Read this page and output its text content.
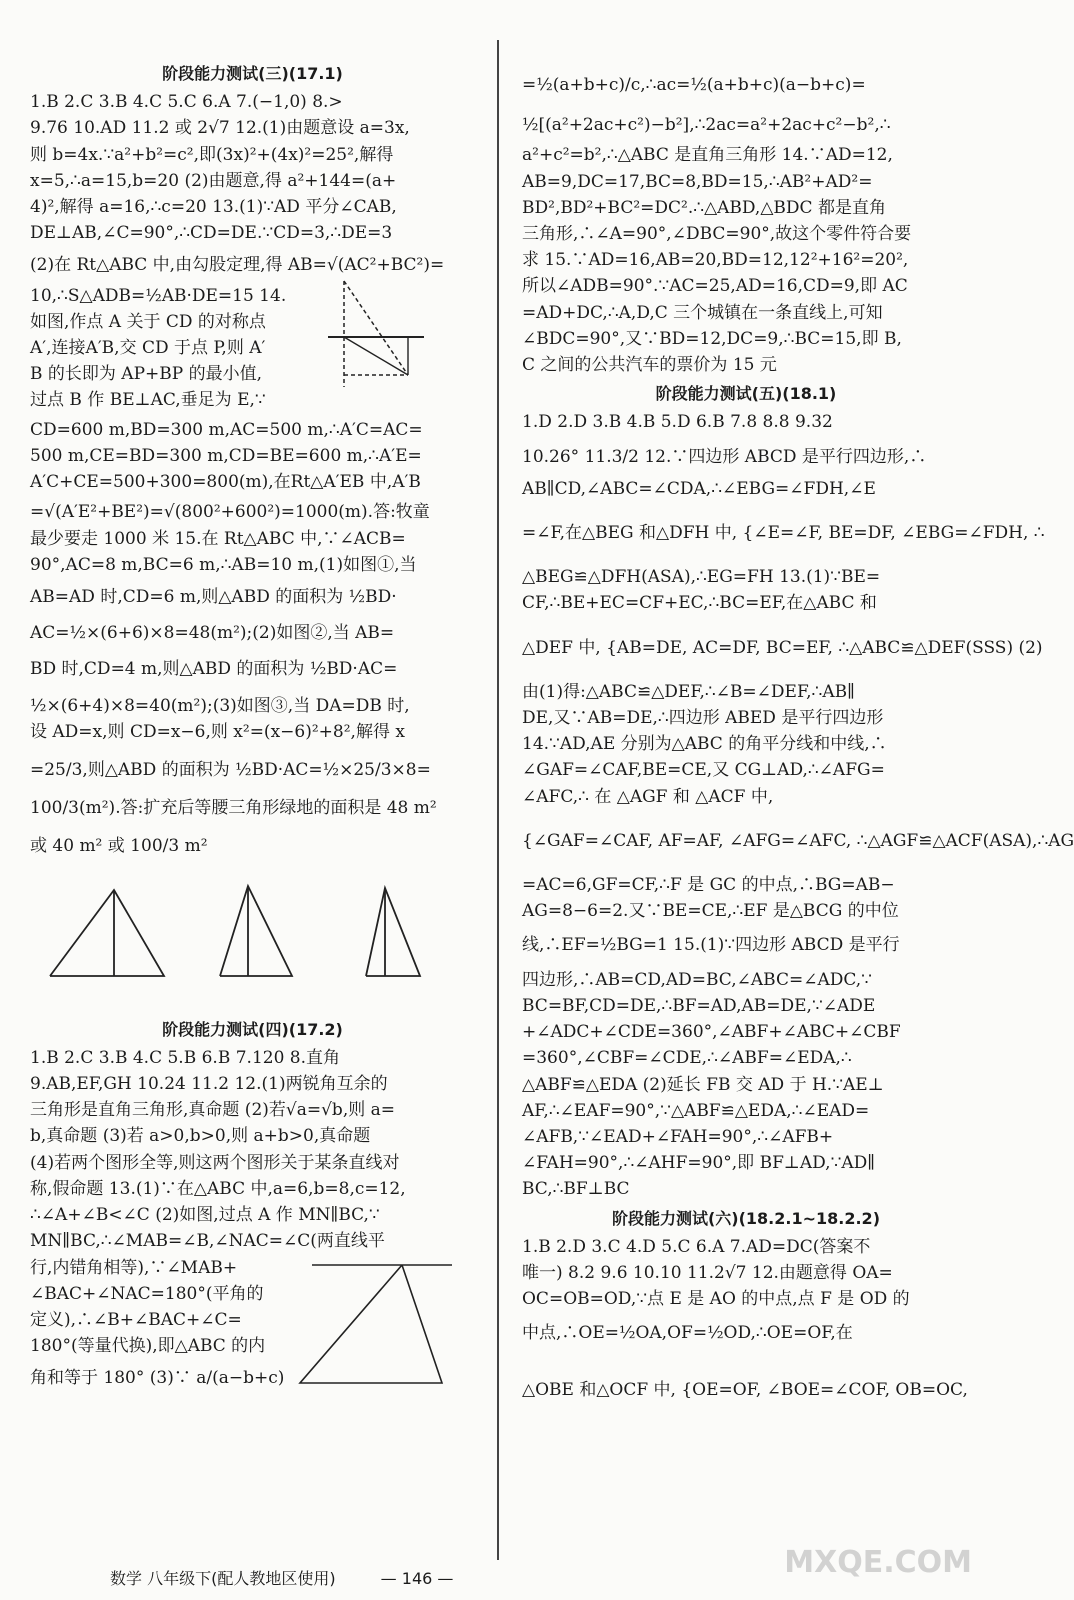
阶段能力测试(三)(17.1)
1.B 2.C 3.B 4.C 5.C 6.A 7.(−1,0) 8.>
9.76 10.AD 11.2 或 2√7 12.(1)由题意设 a=3x,
则 b=4x.∵a²+b²=c²,即(3x)²+(4x)²=25²,解得
x=5,∴a=15,b=20 (2)由题意,得 a²+144=(a+
4)²,解得 a=16,∴c=20 13.(1)∵AD 平分∠CAB,
DE⊥AB,∠C=90°,∴CD=DE.∵CD=3,∴DE=3
(2)在 Rt△ABC 中,由勾股定理,得 AB=√(AC²+BC²)=
10,∴S△ADB=½AB·DE=15 14.
如图,作点 A 关于 CD 的对称点
A′,连接A′B,交 CD 于点 P,则 A′
B 的长即为 AP+BP 的最小值,
过点 B 作 BE⊥AC,垂足为 E,∵
CD=600 m,BD=300 m,AC=500 m,∴A′C=AC=
500 m,CE=BD=300 m,CD=BE=600 m,∴A′E=
A′C+CE=500+300=800(m),在Rt△A′EB 中,A′B
=√(A′E²+BE²)=√(800²+600²)=1000(m).答:牧童
最少要走 1000 米 15.在 Rt△ABC 中,∵∠ACB=
90°,AC=8 m,BC=6 m,∴AB=10 m,(1)如图①,当
AB=AD 时,CD=6 m,则△ABD 的面积为 ½BD·
AC=½×(6+6)×8=48(m²);(2)如图②,当 AB=
BD 时,CD=4 m,则△ABD 的面积为 ½BD·AC=
½×(6+4)×8=40(m²);(3)如图③,当 DA=DB 时,
设 AD=x,则 CD=x−6,则 x²=(x−6)²+8²,解得 x
=25/3,则△ABD 的面积为 ½BD·AC=½×25/3×8=
100/3(m²).答:扩充后等腰三角形绿地的面积是 48 m²
或 40 m² 或 100/3 m²
阶段能力测试(四)(17.2)
1.B 2.C 3.B 4.C 5.B 6.B 7.120 8.直角
9.AB,EF,GH 10.24 11.2 12.(1)两锐角互余的
三角形是直角三角形,真命题 (2)若√a=√b,则 a=
b,真命题 (3)若 a>0,b>0,则 a+b>0,真命题
(4)若两个图形全等,则这两个图形关于某条直线对
称,假命题 13.(1)∵在△ABC 中,a=6,b=8,c=12,
∴∠A+∠B<∠C (2)如图,过点 A 作 MN∥BC,∵
MN∥BC,∴∠MAB=∠B,∠NAC=∠C(两直线平
行,内错角相等),∵∠MAB+
∠BAC+∠NAC=180°(平角的
定义),∴∠B+∠BAC+∠C=
180°(等量代换),即△ABC 的内
角和等于 180° (3)∵ a/(a−b+c)
=½(a+b+c)/c,∴ac=½(a+b+c)(a−b+c)=
½[(a²+2ac+c²)−b²],∴2ac=a²+2ac+c²−b²,∴
a²+c²=b²,∴△ABC 是直角三角形 14.∵AD=12,
AB=9,DC=17,BC=8,BD=15,∴AB²+AD²=
BD²,BD²+BC²=DC².∴△ABD,△BDC 都是直角
三角形,∴∠A=90°,∠DBC=90°,故这个零件符合要
求 15.∵AD=16,AB=20,BD=12,12²+16²=20²,
所以∠ADB=90°.∵AC=25,AD=16,CD=9,即 AC
=AD+DC,∴A,D,C 三个城镇在一条直线上,可知
∠BDC=90°,又∵BD=12,DC=9,∴BC=15,即 B,
C 之间的公共汽车的票价为 15 元
阶段能力测试(五)(18.1)
1.D 2.D 3.B 4.B 5.D 6.B 7.8 8.8 9.32
10.26° 11.3/2 12.∵四边形 ABCD 是平行四边形,∴
AB∥CD,∠ABC=∠CDA,∴∠EBG=∠FDH,∠E
=∠F,在△BEG 和△DFH 中, {∠E=∠F, BE=DF, ∠EBG=∠FDH, ∴
△BEG≌△DFH(ASA),∴EG=FH 13.(1)∵BE=
CF,∴BE+EC=CF+EC,∴BC=EF,在△ABC 和
△DEF 中, {AB=DE, AC=DF, BC=EF, ∴△ABC≌△DEF(SSS) (2)
由(1)得:△ABC≌△DEF,∴∠B=∠DEF,∴AB∥
DE,又∵AB=DE,∴四边形 ABED 是平行四边形
14.∵AD,AE 分别为△ABC 的角平分线和中线,∴
∠GAF=∠CAF,BE=CE,又 CG⊥AD,∴∠AFG=
∠AFC,∴ 在 △AGF 和 △ACF 中,
{∠GAF=∠CAF, AF=AF, ∠AFG=∠AFC, ∴△AGF≌△ACF(ASA),∴AG
=AC=6,GF=CF,∴F 是 GC 的中点,∴BG=AB−
AG=8−6=2.又∵BE=CE,∴EF 是△BCG 的中位
线,∴EF=½BG=1 15.(1)∵四边形 ABCD 是平行
四边形,∴AB=CD,AD=BC,∠ABC=∠ADC,∵
BC=BF,CD=DE,∴BF=AD,AB=DE,∵∠ADE
+∠ADC+∠CDE=360°,∠ABF+∠ABC+∠CBF
=360°,∠CBF=∠CDE,∴∠ABF=∠EDA,∴
△ABF≌△EDA (2)延长 FB 交 AD 于 H.∵AE⊥
AF,∴∠EAF=90°,∵△ABF≌△EDA,∴∠EAD=
∠AFB,∵∠EAD+∠FAH=90°,∴∠AFB+
∠FAH=90°,∴∠AHF=90°,即 BF⊥AD,∵AD∥
BC,∴BF⊥BC
阶段能力测试(六)(18.2.1~18.2.2)
1.B 2.D 3.C 4.D 5.C 6.A 7.AD=DC(答案不
唯一) 8.2 9.6 10.10 11.2√7 12.由题意得 OA=
OC=OB=OD,∵点 E 是 AO 的中点,点 F 是 OD 的
中点,∴OE=½OA,OF=½OD,∴OE=OF,在
△OBE 和△OCF 中, {OE=OF, ∠BOE=∠COF, OB=OC,
数学 八年级下(配人教地区使用)	— 146 —	MXQE.COM
